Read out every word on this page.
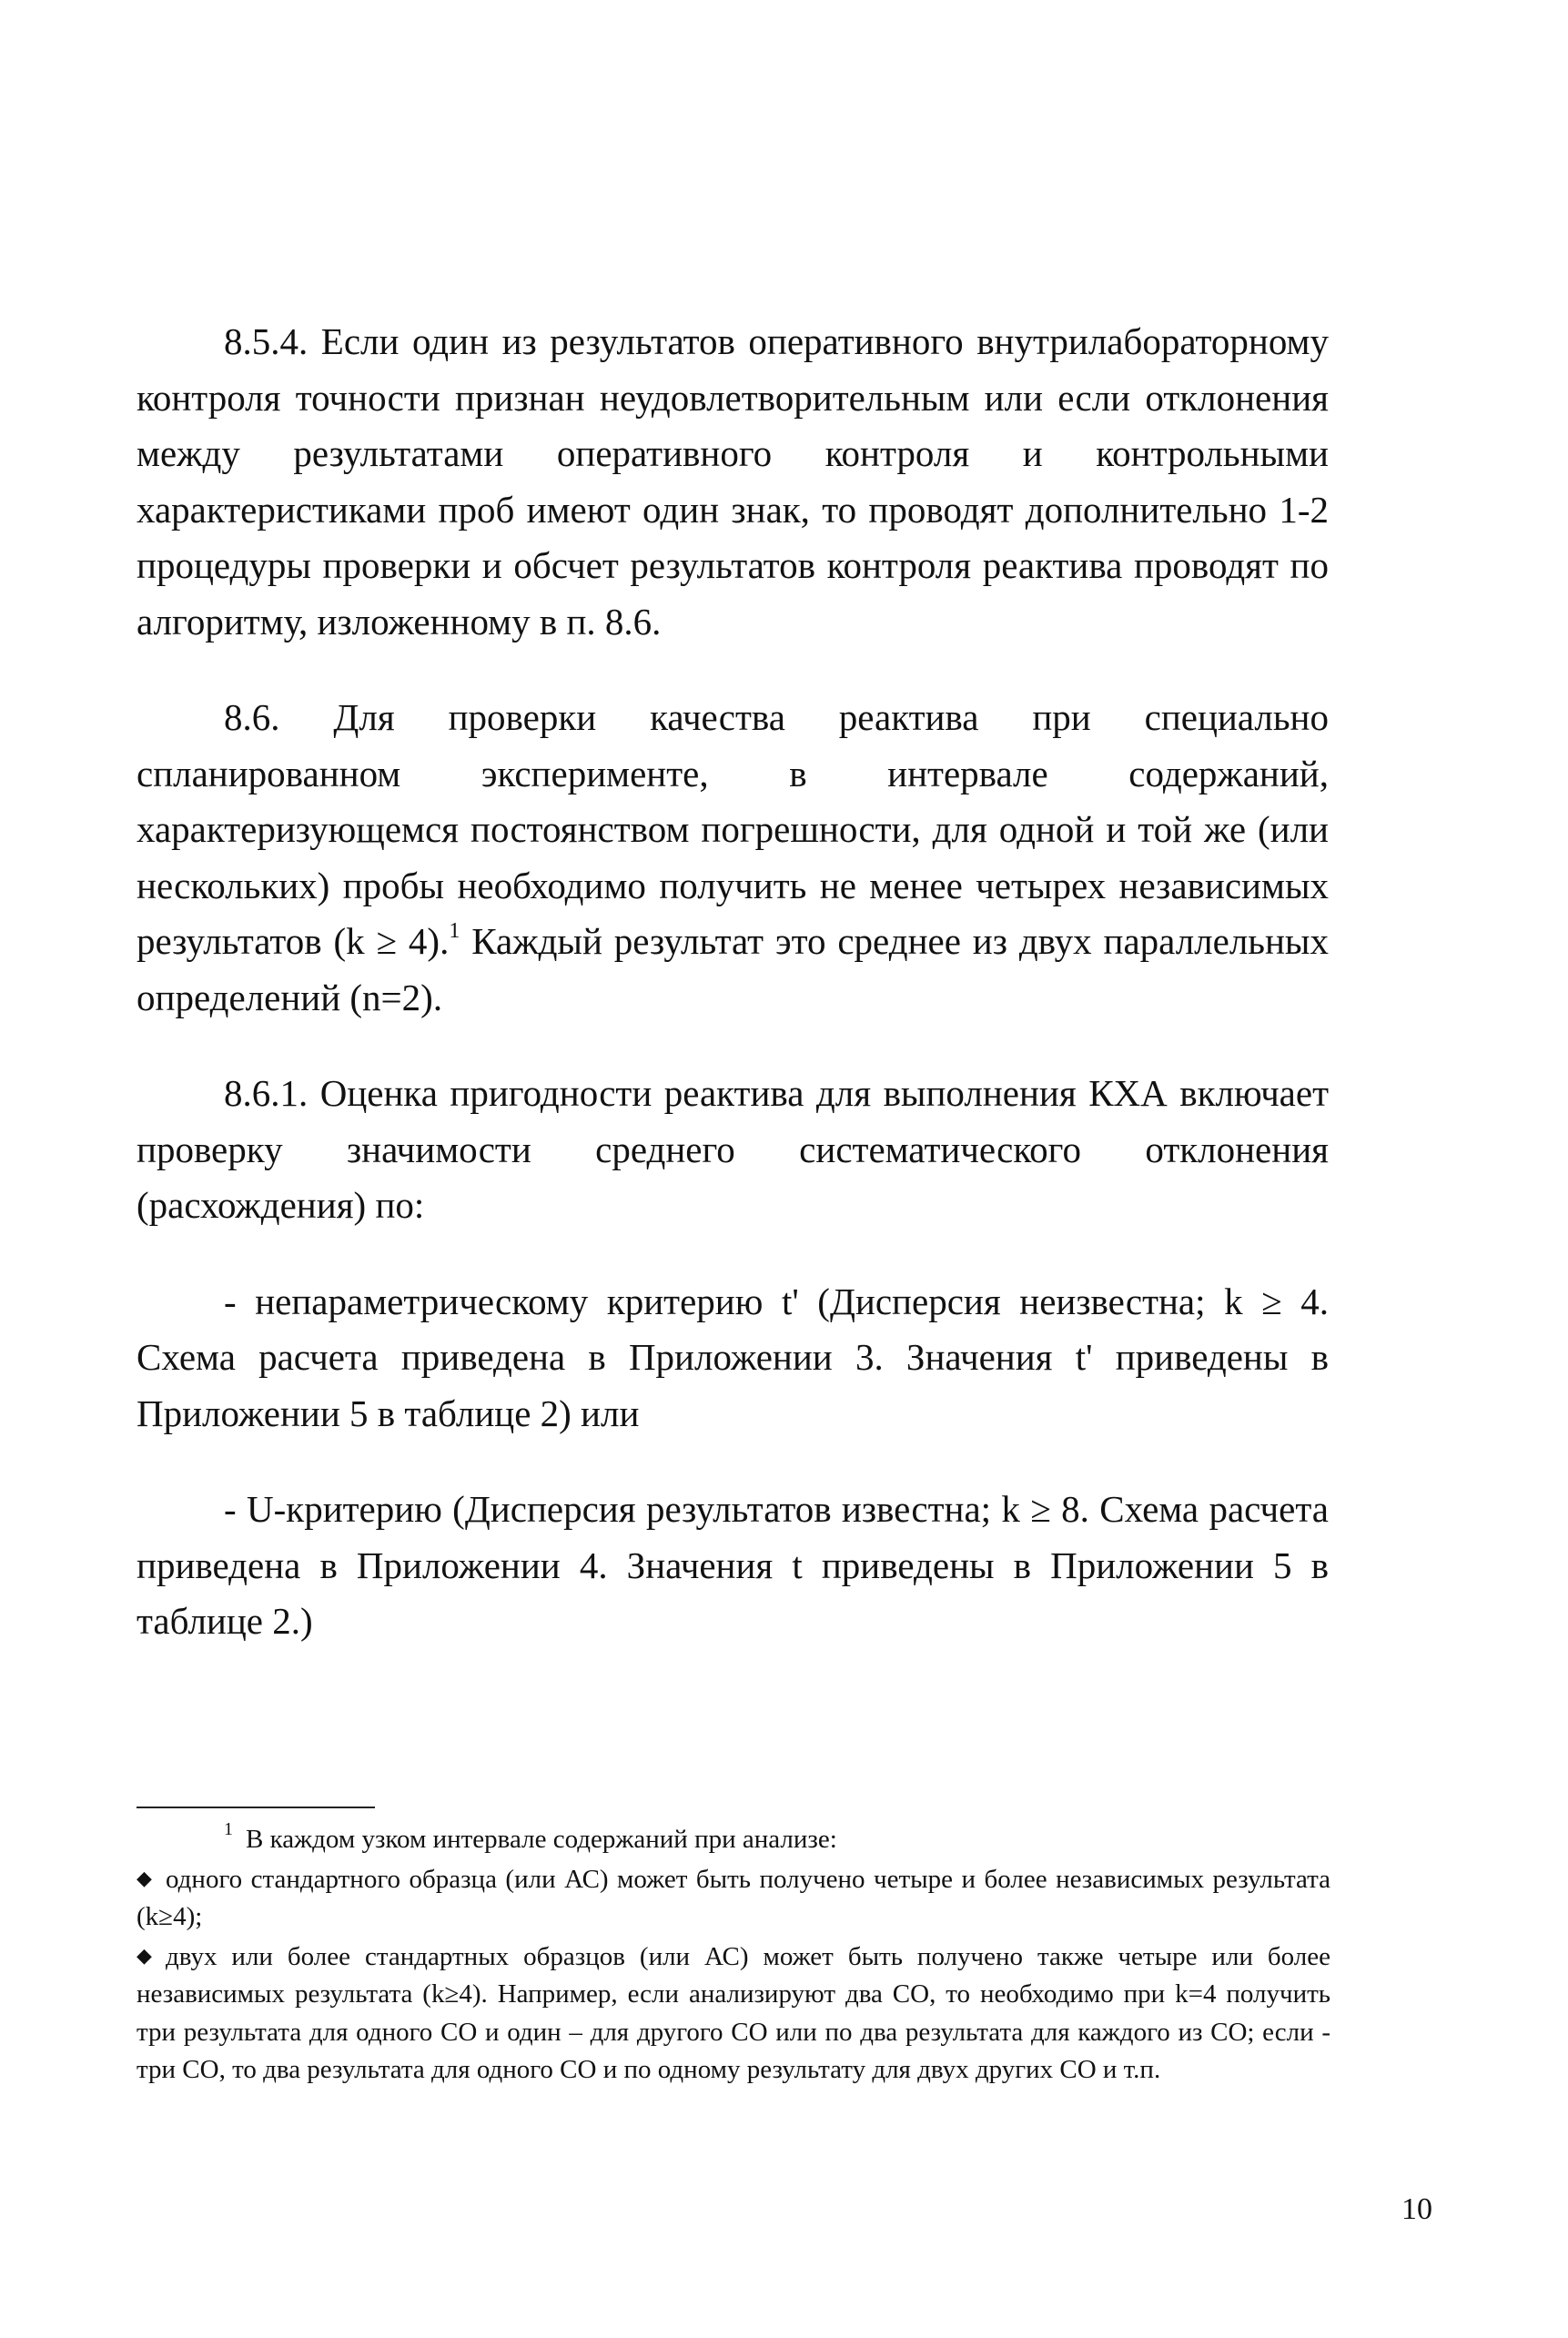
8.5.4. Если один из результатов оперативного внутрилабораторному контроля точности признан неудовлетворительным или если отклонения между результатами оперативного контроля и контрольными характеристиками проб имеют один знак, то проводят дополнительно 1-2 процедуры проверки и обсчет результатов контроля реактива проводят по алгоритму, изложенному в п. 8.6.

8.6. Для проверки качества реактива при специально спланированном эксперименте, в интервале содержаний, характеризующемся постоянством погрешности, для одной и той же (или нескольких) пробы необходимо получить не менее четырех независимых результатов (k ≥ 4).$^1$ Каждый результат это среднее из двух параллельных определений (n=2).

8.6.1. Оценка пригодности реактива для выполнения КХА включает проверку значимости среднего систематического отклонения (расхождения) по:

- непараметрическому критерию t' (Дисперсия неизвестна; k ≥ 4. Схема расчета приведена в Приложении 3. Значения t' приведены в Приложении 5 в таблице 2) или

- U-критерию (Дисперсия результатов известна; k ≥ 8. Схема расчета приведена в Приложении 4. Значения t приведены в Приложении 5 в таблице 2.)

$^1$ В каждом узком интервале содержаний при анализе:

◆ одного стандартного образца (или АС) может быть получено четыре и более независимых результата (k≥4);

◆ двух или более стандартных образцов (или АС) может быть получено также четыре или более независимых результата (k≥4). Например, если анализируют два СО, то необходимо при k=4 получить три результата для одного СО и один – для другого СО или по два результата для каждого из СО; если - три СО, то два результата для одного СО и по одному результату для двух других СО и т.п.

10
